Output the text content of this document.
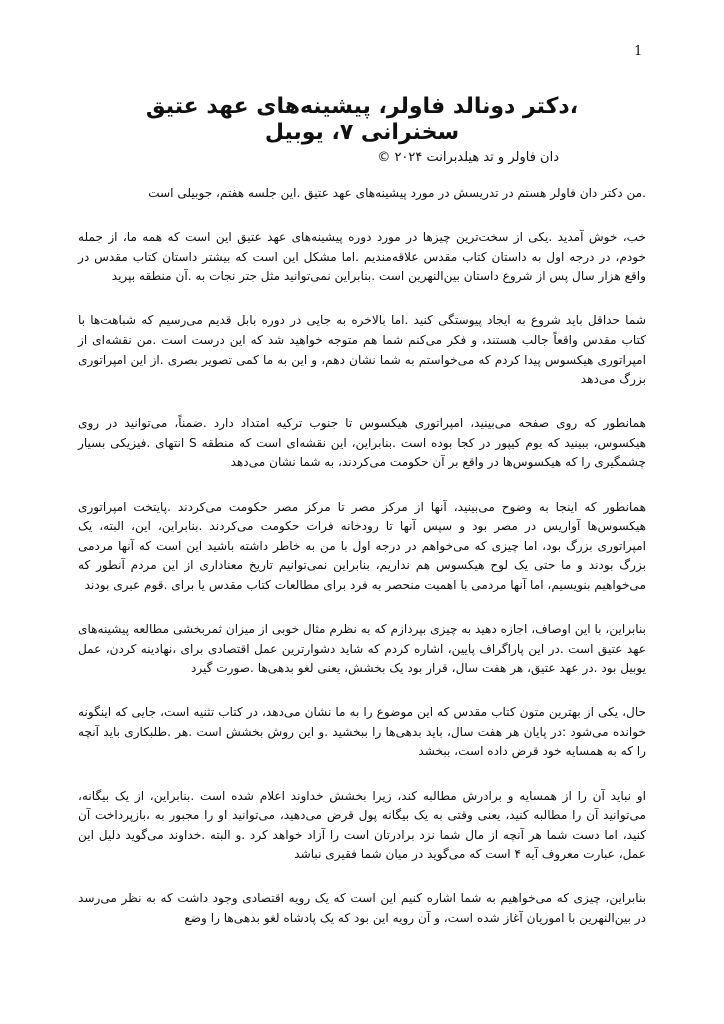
1
،دکتر دونالد فاولر، پیشینه‌های عهد عتیق
سخنرانی ۷، یوبیل
دان فاولر و تد هیلدبرانت ۲۰۲۴ ©

.من دکتر دان فاولر هستم در تدریسش در مورد پیشینه‌های عهد عتیق .این جلسه هفتم، جوبیلی است

خب، خوش آمدید .یکی از سخت‌ترین چیزها در مورد دوره پیشینه‌های عهد عتیق این است که همه ما، از جمله خودم، در درجه اول به داستان کتاب مقدس علاقه‌مندیم .اما مشکل این است که بیشتر داستان کتاب مقدس در واقع هزار سال پس از شروع داستان بین‌النهرین است .بنابراین نمی‌توانید مثل جتر نجات به .آن منطقه بپرید

شما حداقل باید شروع به ایجاد پیوستگی کنید .اما بالاخره به جایی در دوره بابل قدیم می‌رسیم که شباهت‌ها با کتاب مقدس واقعاً جالب هستند، و فکر می‌کنم شما هم متوجه خواهید شد که این درست است .من نقشه‌ای از امپراتوری هیکسوس پیدا کردم که می‌خواستم به شما نشان دهم، و این به ما کمی تصویر بصری .از این امپراتوری بزرگ می‌دهد

همانطور که روی صفحه می‌بینید، امپراتوری هیکسوس تا جنوب ترکیه امتداد دارد .ضمناً، می‌توانید در روی هیکسوس، ببینید که یوم کیپور در کجا بوده است .بنابراین، این نقشه‌ای است که منطقه S انتهای .فیزیکی بسیار چشمگیری را که هیکسوس‌ها در واقع بر آن حکومت می‌کردند، به شما نشان می‌دهد

همانطور که اینجا به وضوح می‌بینید، آنها از مرکز مصر تا مرکز مصر حکومت می‌کردند .پایتخت امپراتوری هیکسوس‌ها آواریس در مصر بود و سپس آنها تا رودخانه فرات حکومت می‌کردند .بنابراین، این، البته، یک امپراتوری بزرگ بود، اما چیزی که می‌خواهم در درجه اول با من به خاطر داشته باشید این است که آنها مردمی بزرگ بودند و ما حتی یک لوح هیکسوس هم نداریم، بنابراین نمی‌توانیم تاریخ معناداری از این مردم آنطور که می‌خواهیم بنویسیم، اما آنها مردمی با اهمیت منحصر به فرد برای مطالعات کتاب مقدس یا برای .قوم عبری بودند

بنابراین، با این اوصاف، اجازه دهید به چیزی بپردازم که به نظرم مثال خوبی از میزان ثمربخشی مطالعه پیشینه‌های عهد عتیق است .در این پاراگراف پایین، اشاره کردم که شاید دشوارترین عمل اقتصادی برای ،نهادینه کردن، عمل یوبیل بود .در عهد عتیق، هر هفت سال، قرار بود یک بخشش، یعنی لغو بدهی‌ها .صورت گیرد

حال، یکی از بهترین متون کتاب مقدس که این موضوع را به ما نشان می‌دهد، در کتاب تثنیه است، جایی که اینگونه خوانده می‌شود :در پایان هر هفت سال، باید بدهی‌ها را ببخشید .و این روش بخشش است .هر .طلبکاری باید آنچه را که به همسایه خود قرض داده است، ببخشد

او نباید آن را از همسایه و برادرش مطالبه کند، زیرا بخشش خداوند اعلام شده است .بنابراین، از یک بیگانه، می‌توانید آن را مطالبه کنید، یعنی وقتی به یک بیگانه پول قرض می‌دهید، می‌توانید او را مجبور به ،بازپرداخت آن کنید، اما دست شما هر آنچه از مال شما نزد برادرتان است را آزاد خواهد کرد .و البته .خداوند می‌گوید دلیل این عمل، عبارت معروف آیه ۴ است که می‌گوید در میان شما فقیری نباشد

بنابراین، چیزی که می‌خواهیم به شما اشاره کنیم این است که یک رویه اقتصادی وجود داشت که به نظر می‌رسد در بین‌النهرین با اموریان آغاز شده است، و آن رویه این بود که یک پادشاه لغو بدهی‌ها را وضع
